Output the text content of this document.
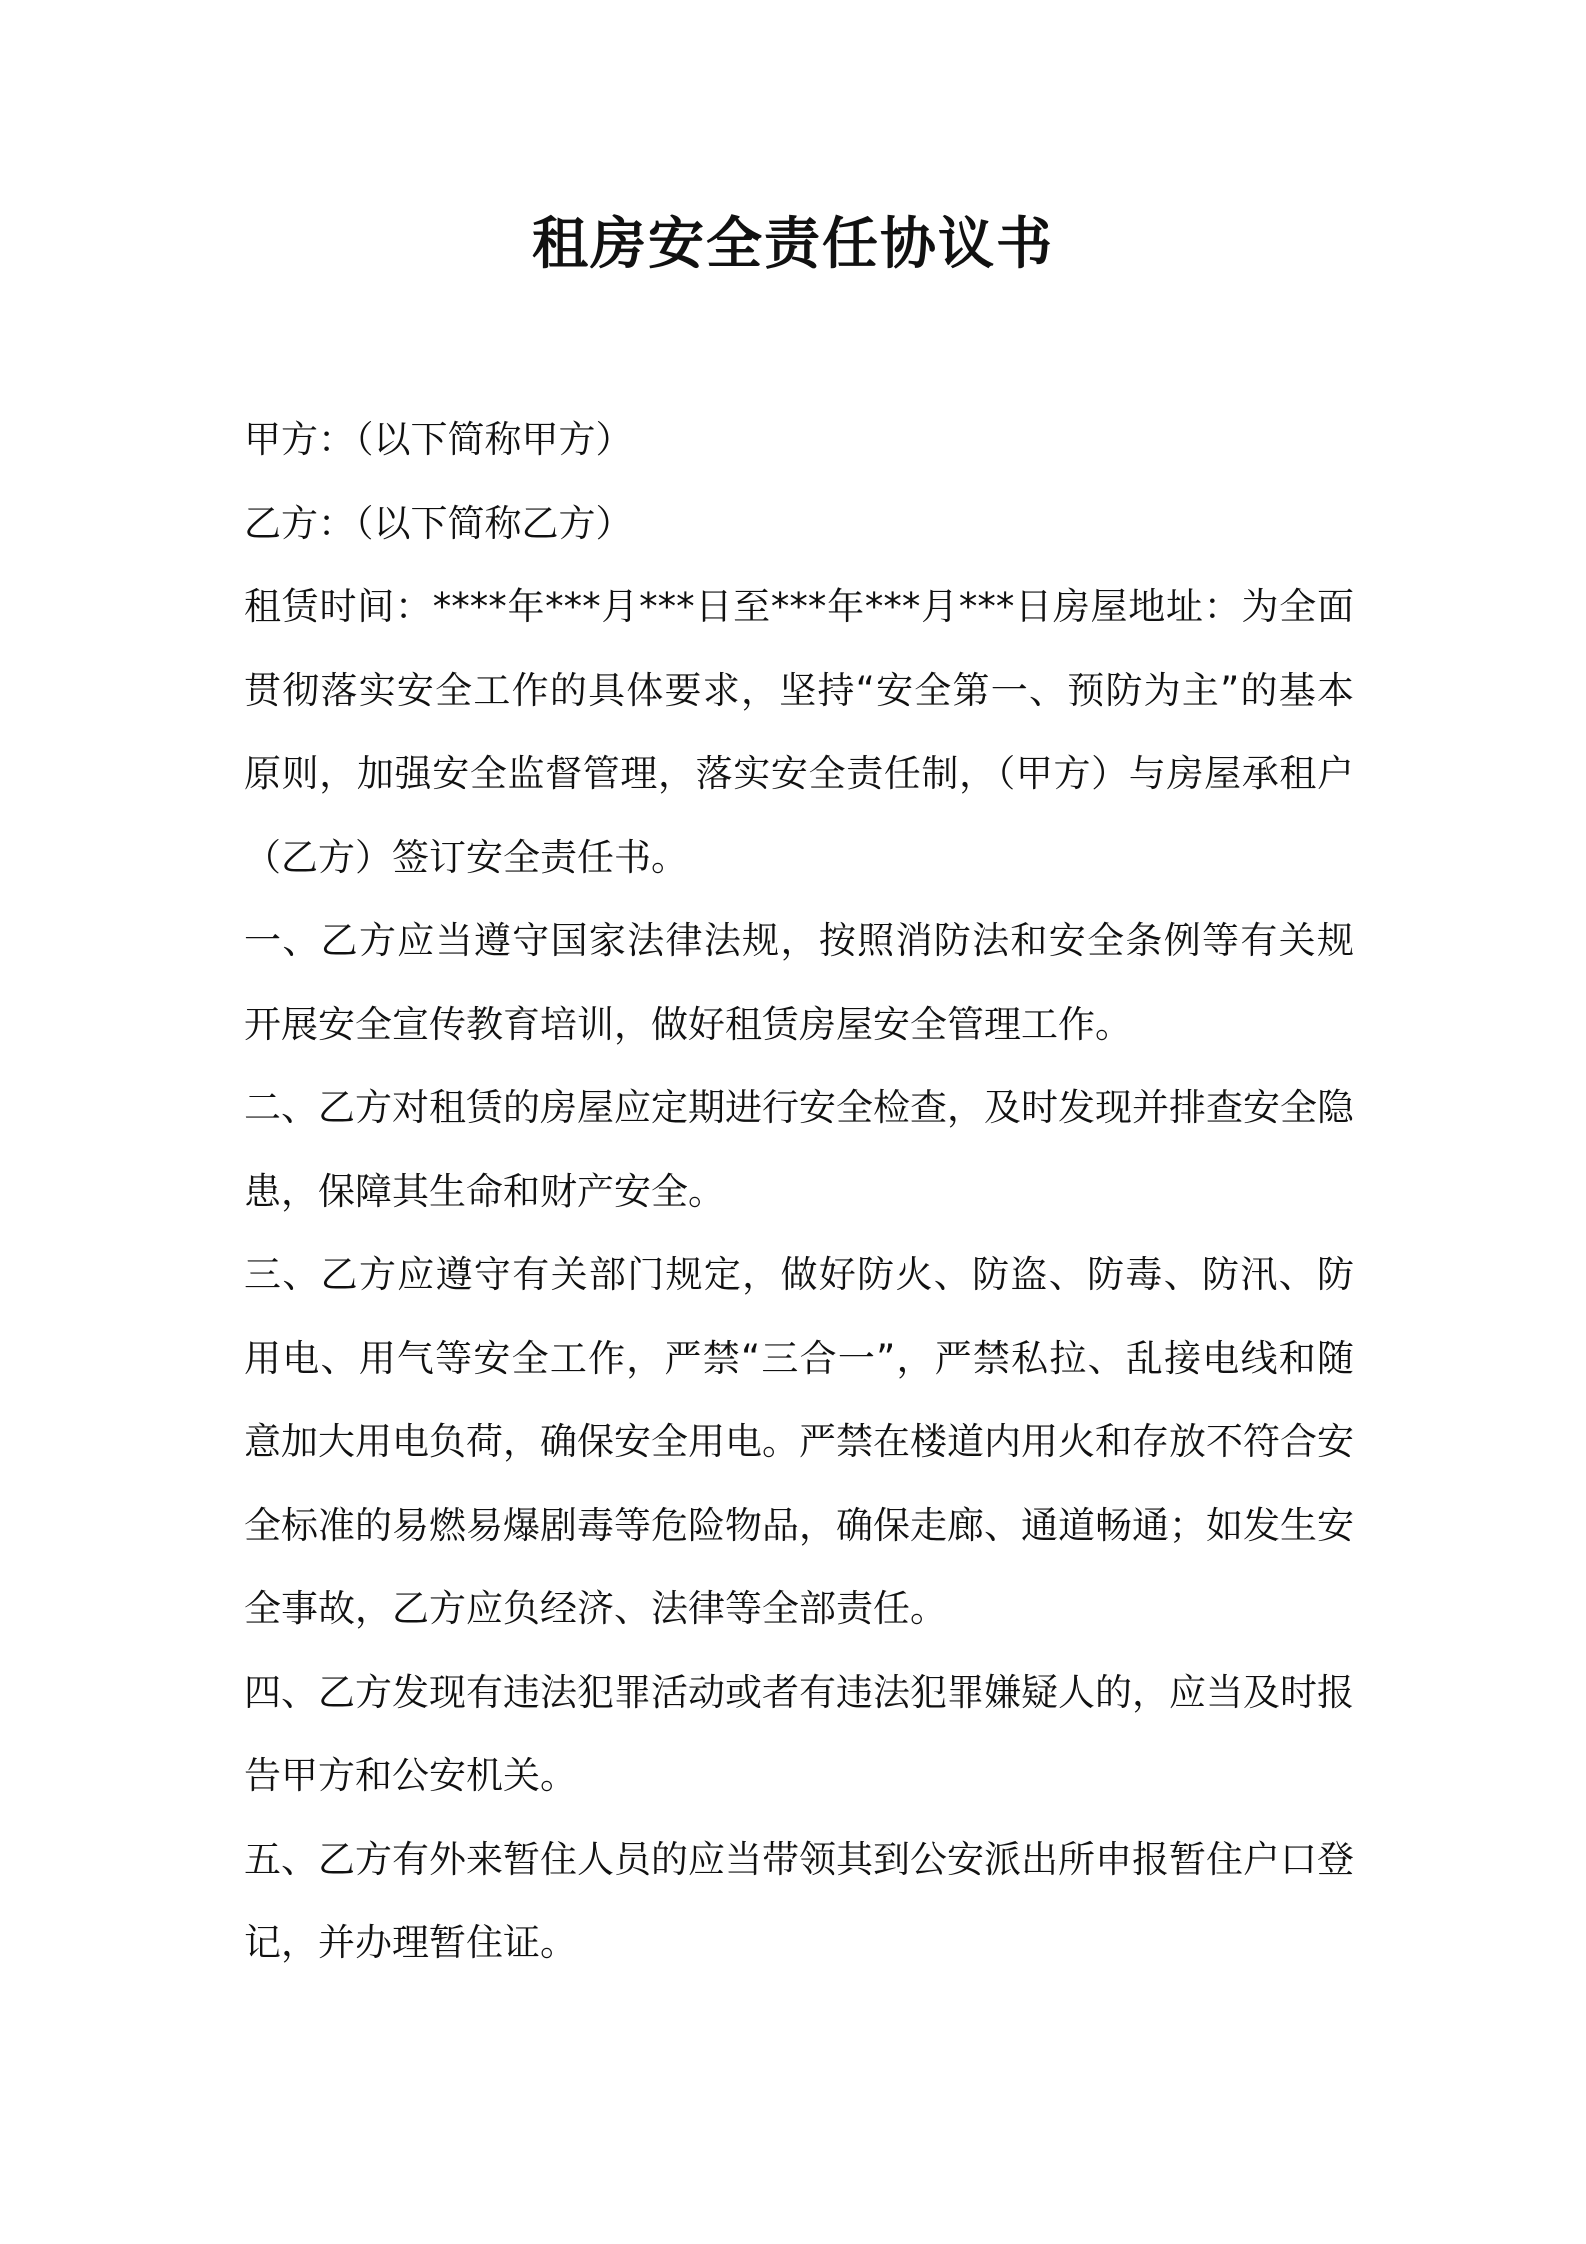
租房安全责任协议书
甲方：（以下简称甲方）
乙方：（以下简称乙方）
租赁时间：****年***月***日至***年***月***日房屋地址：为全面
贯彻落实安全工作的具体要求，坚持“安全第一、预防为主”的基本
原则，加强安全监督管理，落实安全责任制，（甲方）与房屋承租户
（乙方）签订安全责任书。
一、乙方应当遵守国家法律法规，按照消防法和安全条例等有关规
开展安全宣传教育培训，做好租赁房屋安全管理工作。
二、乙方对租赁的房屋应定期进行安全检查，及时发现并排查安全隐
患，保障其生命和财产安全。
三、乙方应遵守有关部门规定，做好防火、防盗、防毒、防汛、防
用电、用气等安全工作，严禁“三合一”，严禁私拉、乱接电线和随
意加大用电负荷，确保安全用电。严禁在楼道内用火和存放不符合安
全标准的易燃易爆剧毒等危险物品，确保走廊、通道畅通；如发生安
全事故，乙方应负经济、法律等全部责任。
四、乙方发现有违法犯罪活动或者有违法犯罪嫌疑人的，应当及时报
告甲方和公安机关。
五、乙方有外来暂住人员的应当带领其到公安派出所申报暂住户口登
记，并办理暂住证。
